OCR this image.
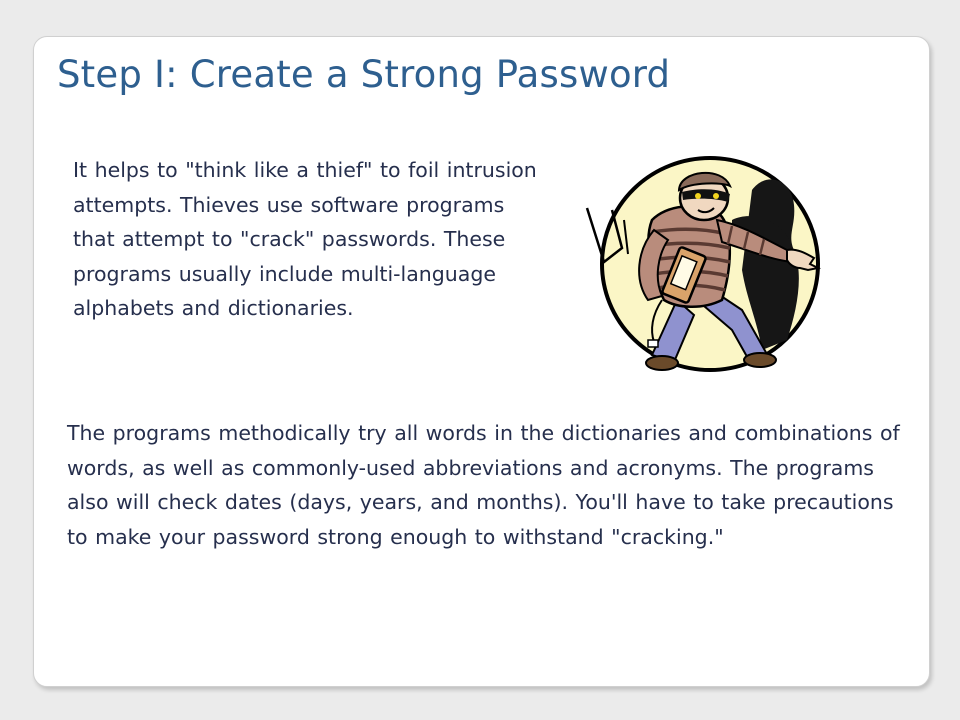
Step I: Create a Strong Password

It helps to "think like a thief" to foil intrusion attempts. Thieves use software programs that attempt to "crack" passwords. These programs usually include multi-language alphabets and dictionaries.

The programs methodically try all words in the dictionaries and combinations of words, as well as commonly-used abbreviations and acronyms. The programs also will check dates (days, years, and months). You'll have to take precautions to make your password strong enough to withstand "cracking."
